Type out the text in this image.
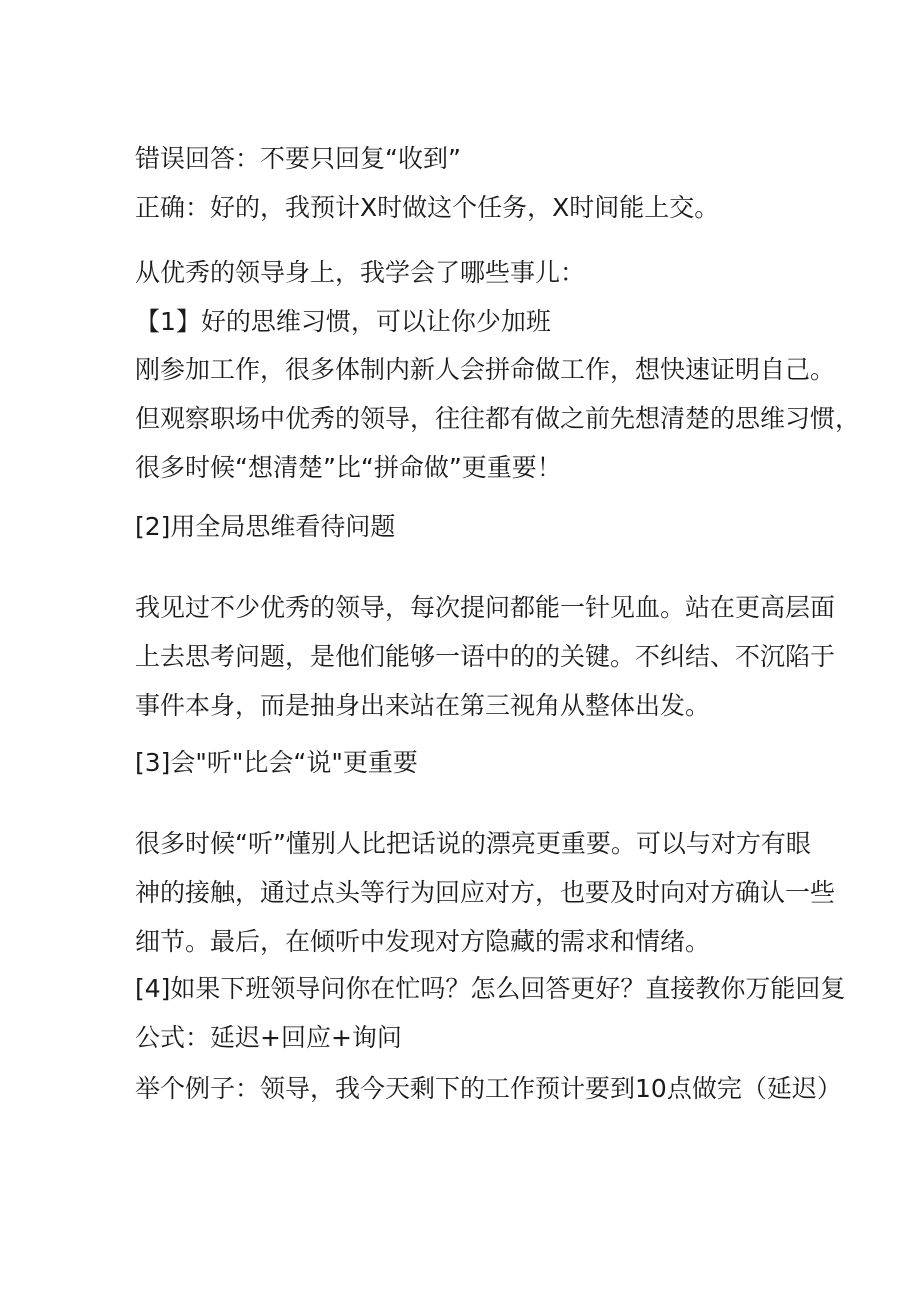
错误回答：不要只回复“收到”

正确：好的，我预计X时做这个任务，X时间能上交。

从优秀的领导身上，我学会了哪些事儿：

【1】好的思维习惯，可以让你少加班

刚参加工作，很多体制内新人会拼命做工作，想快速证明自己。

但观察职场中优秀的领导，往往都有做之前先想清楚的思维习惯，

很多时候“想清楚”比“拼命做”更重要！

[2]用全局思维看待问题

我见过不少优秀的领导，每次提问都能一针见血。站在更高层面

上去思考问题，是他们能够一语中的的关键。不纠结、不沉陷于

事件本身，而是抽身出来站在第三视角从整体出发。

[3]会"听"比会“说"更重要

很多时候“听”懂别人比把话说的漂亮更重要。可以与对方有眼

神的接触，通过点头等行为回应对方，也要及时向对方确认一些

细节。最后，在倾听中发现对方隐藏的需求和情绪。

[4]如果下班领导问你在忙吗？怎么回答更好？直接教你万能回复

公式：延迟+回应+询问

举个例子：领导，我今天剩下的工作预计要到10点做完（延迟）
